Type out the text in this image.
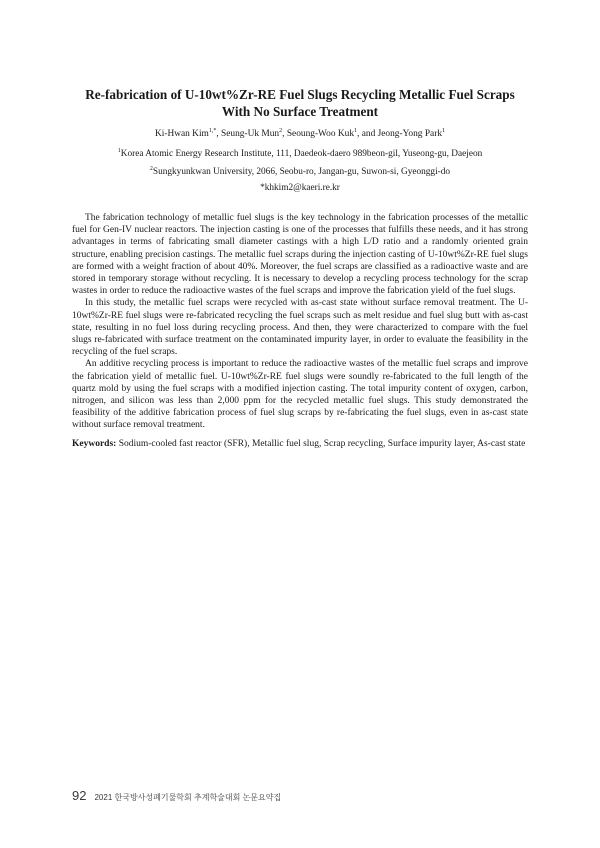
Re-fabrication of U-10wt%Zr-RE Fuel Slugs Recycling Metallic Fuel Scraps
With No Surface Treatment
Ki-Hwan Kim$^{1,*}$, Seung-Uk Mun$^2$, Seoung-Woo Kuk$^1$, and Jeong-Yong Park$^1$
$^1$Korea Atomic Energy Research Institute, 111, Daedeok-daero 989beon-gil, Yuseong-gu, Daejeon
$^2$Sungkyunkwan University, 2066, Seobu-ro, Jangan-gu, Suwon-si, Gyeonggi-do
*khkim2@kaeri.re.kr

The fabrication technology of metallic fuel slugs is the key technology in the fabrication processes of the metallic fuel for Gen-IV nuclear reactors. The injection casting is one of the processes that fulfills these needs, and it has strong advantages in terms of fabricating small diameter castings with a high L/D ratio and a randomly oriented grain structure, enabling precision castings. The metallic fuel scraps during the injection casting of U-10wt%Zr-RE fuel slugs are formed with a weight fraction of about 40%. Moreover, the fuel scraps are classified as a radioactive waste and are stored in temporary storage without recycling. It is necessary to develop a recycling process technology for the scrap wastes in order to reduce the radioactive wastes of the fuel scraps and improve the fabrication yield of the fuel slugs.

In this study, the metallic fuel scraps were recycled with as-cast state without surface removal treatment. The U-10wt%Zr-RE fuel slugs were re-fabricated recycling the fuel scraps such as melt residue and fuel slug butt with as-cast state, resulting in no fuel loss during recycling process. And then, they were characterized to compare with the fuel slugs re-fabricated with surface treatment on the contaminated impurity layer, in order to evaluate the feasibility in the recycling of the fuel scraps.

An additive recycling process is important to reduce the radioactive wastes of the metallic fuel scraps and improve the fabrication yield of metallic fuel. U-10wt%Zr-RE fuel slugs were soundly re-fabricated to the full length of the quartz mold by using the fuel scraps with a modified injection casting. The total impurity content of oxygen, carbon, nitrogen, and silicon was less than 2,000 ppm for the recycled metallic fuel slugs. This study demonstrated the feasibility of the additive fabrication process of fuel slug scraps by re-fabricating the fuel slugs, even in as-cast state without surface removal treatment.

Keywords: Sodium-cooled fast reactor (SFR), Metallic fuel slug, Scrap recycling, Surface impurity layer, As-cast state

92 2021 한국방사성폐기물학회 추계학술대회 논문요약집
